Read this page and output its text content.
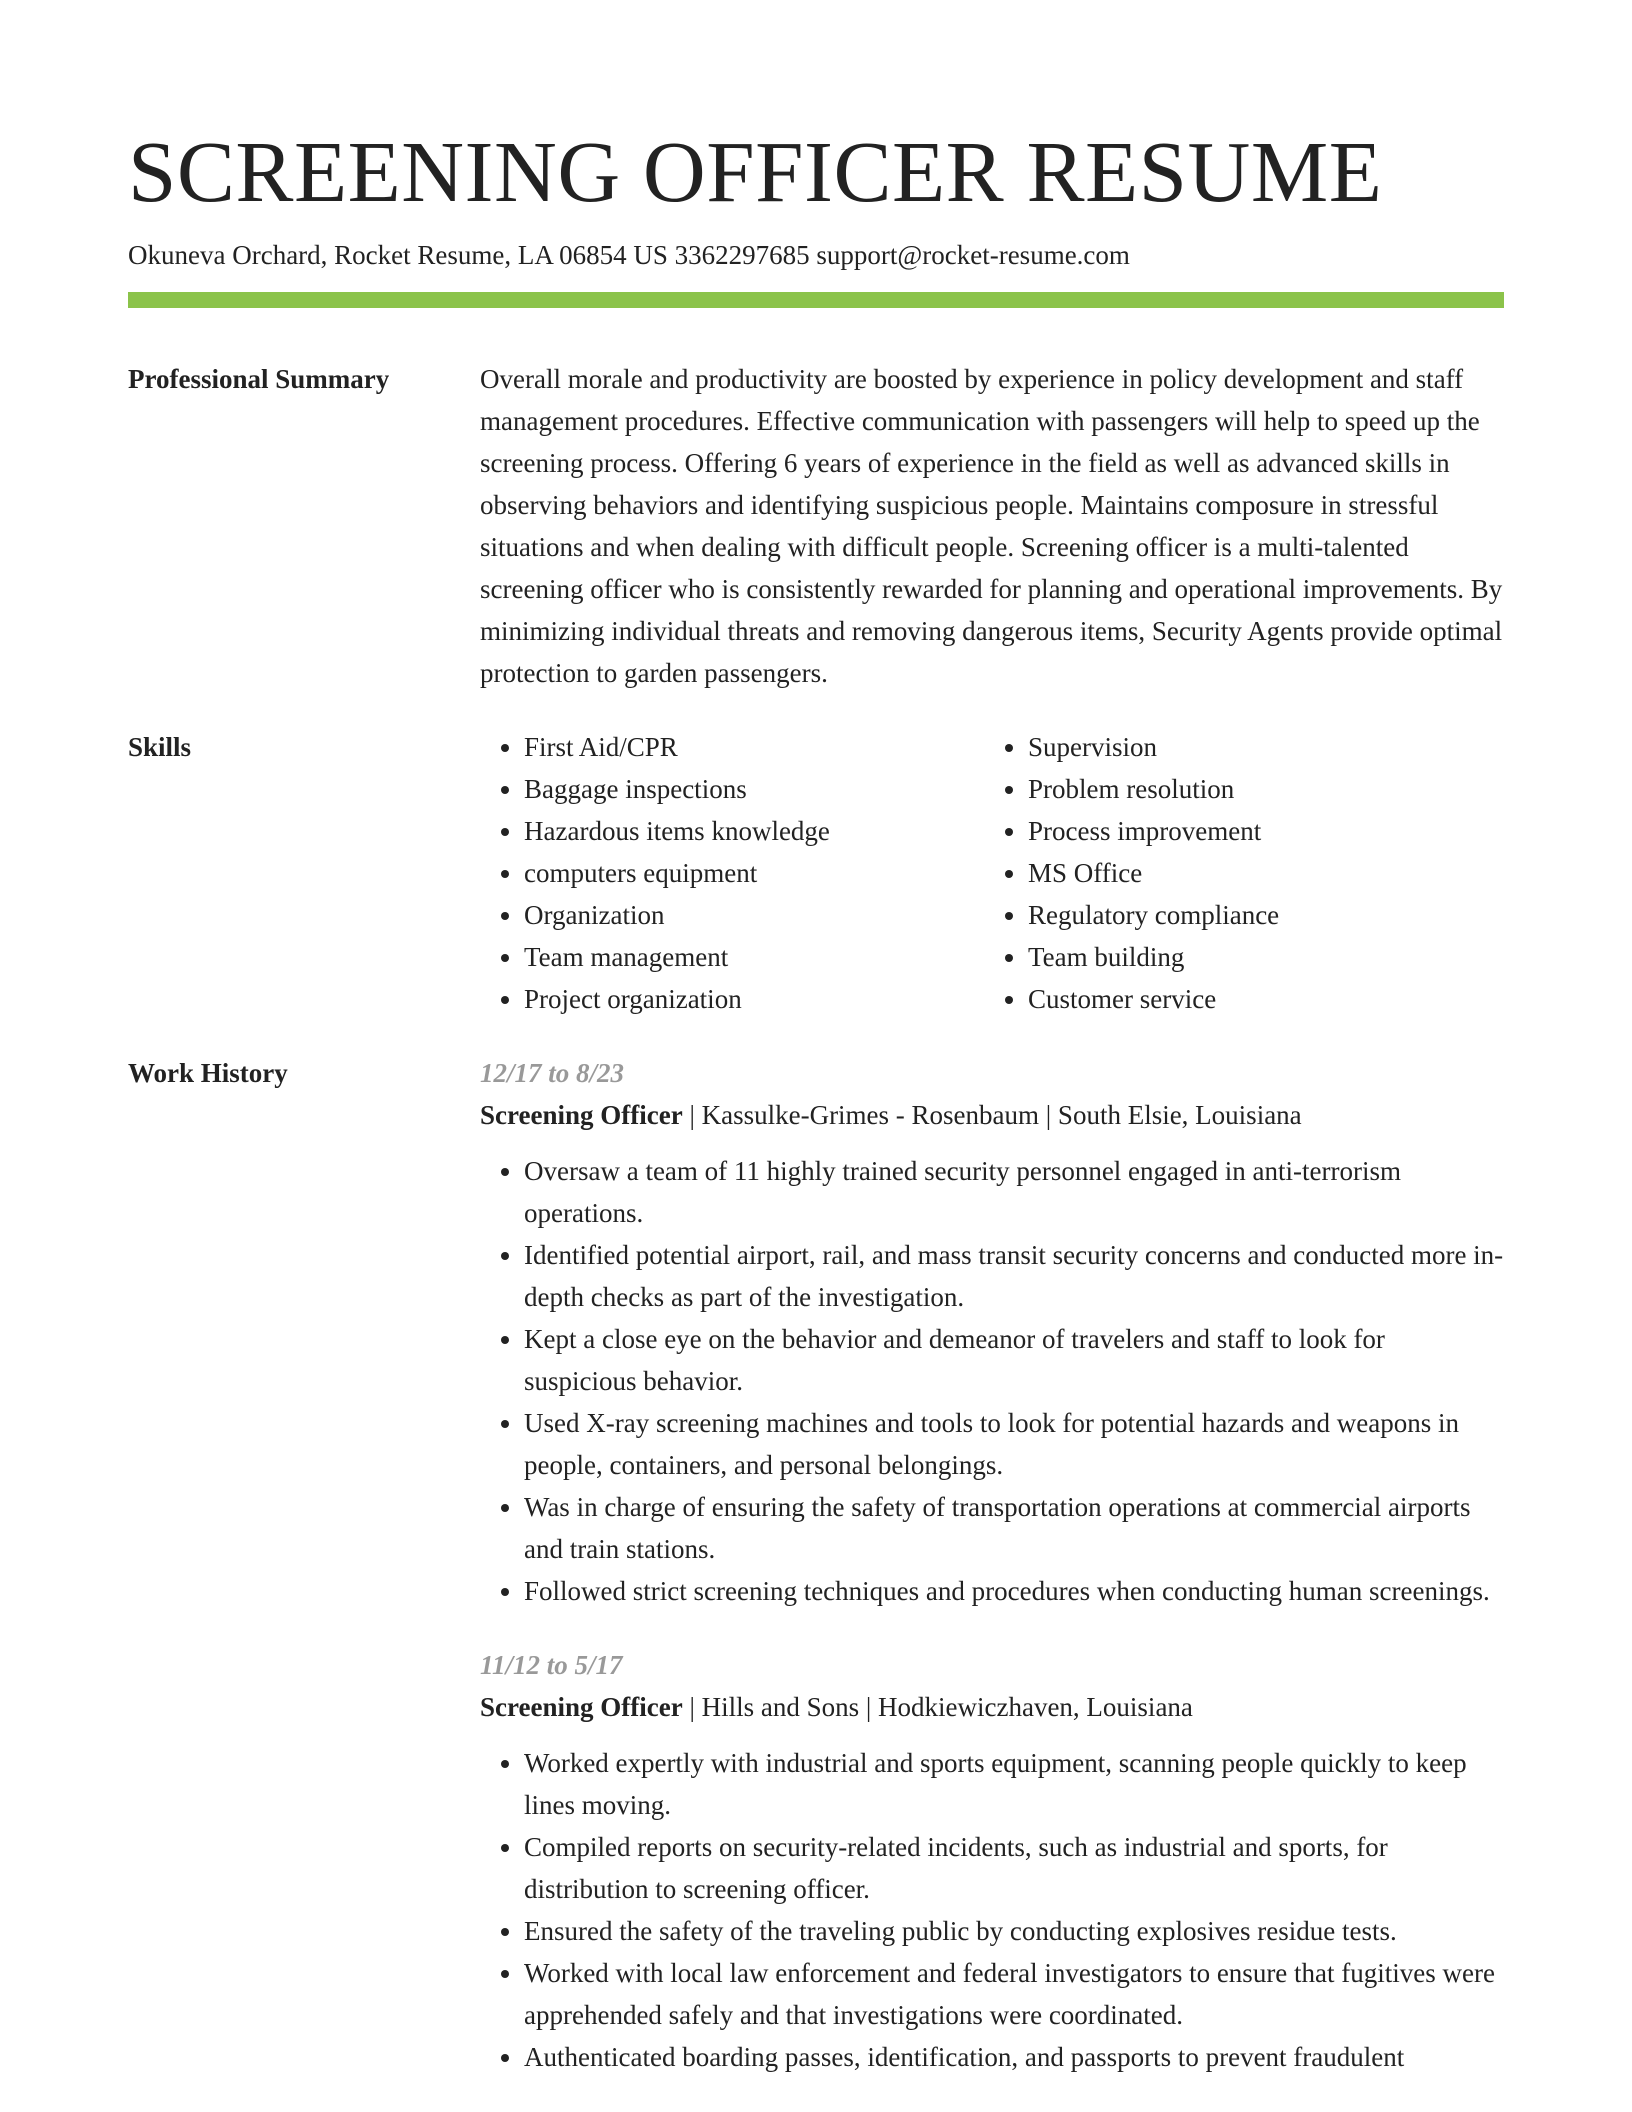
SCREENING OFFICER RESUME
Okuneva Orchard, Rocket Resume, LA 06854 US 3362297685 support@rocket-resume.com
Professional Summary	Overall morale and productivity are boosted by experience in policy development and staff management procedures. Effective communication with passengers will help to speed up the screening process. Offering 6 years of experience in the field as well as advanced skills in observing behaviors and identifying suspicious people. Maintains composure in stressful situations and when dealing with difficult people. Screening officer is a multi-talented screening officer who is consistently rewarded for planning and operational improvements. By minimizing individual threats and removing dangerous items, Security Agents provide optimal protection to garden passengers.

Skills
•	First Aid/CPR
• Baggage inspections
• Hazardous items knowledge
• computers equipment
• Organization
• Team management
• Project organization
• Supervision
• Problem resolution
• Process improvement
• MS Office
• Regulatory compliance
• Team building
• Customer service
Work History	12/17 to 8/23
Screening Officer | Kassulke-Grimes - Rosenbaum | South Elsie, Louisiana
• Oversaw a team of 11 highly trained security personnel engaged in anti-terrorism operations.
• Identified potential airport, rail, and mass transit security concerns and conducted more in-depth checks as part of the investigation.
• Kept a close eye on the behavior and demeanor of travelers and staff to look for suspicious behavior.
• Used X-ray screening machines and tools to look for potential hazards and weapons in people, containers, and personal belongings.
• Was in charge of ensuring the safety of transportation operations at commercial airports and train stations.
• Followed strict screening techniques and procedures when conducting human screenings.
11/12 to 5/17
Screening Officer | Hills and Sons | Hodkiewiczhaven, Louisiana
• Worked expertly with industrial and sports equipment, scanning people quickly to keep lines moving.
• Compiled reports on security-related incidents, such as industrial and sports, for distribution to screening officer.
• Ensured the safety of the traveling public by conducting explosives residue tests.
• Worked with local law enforcement and federal investigators to ensure that fugitives were apprehended safely and that investigations were coordinated.
• Authenticated boarding passes, identification, and passports to prevent fraudulent
